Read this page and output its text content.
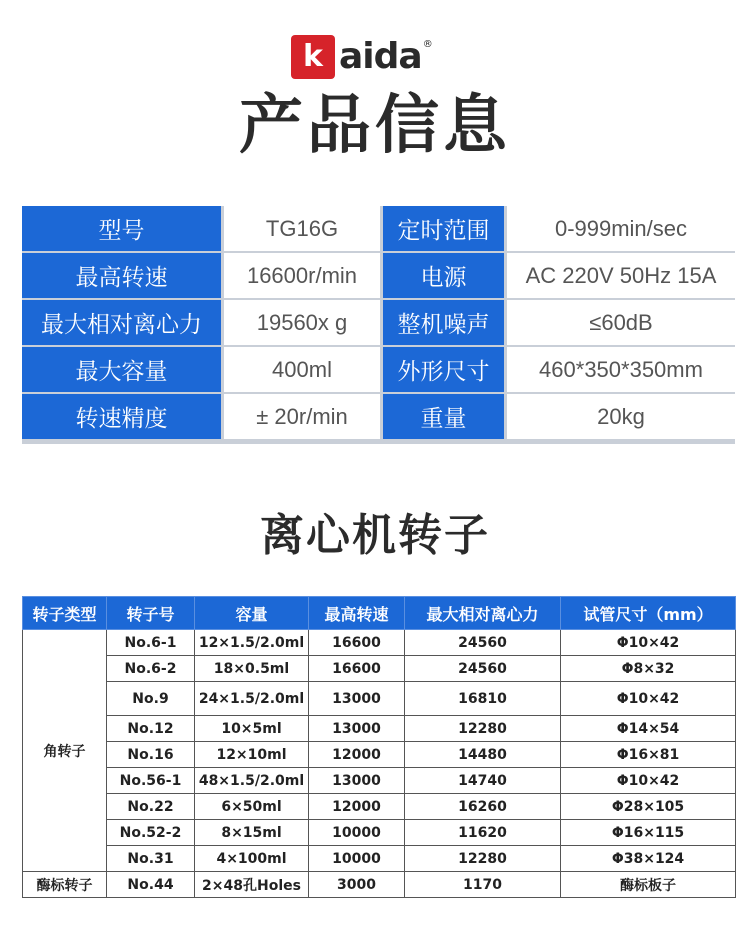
k aida ®
产品信息
型号	TG16G	定时范围	0-999min/sec
最高转速	16600r/min	电源	AC 220V 50Hz 15A
最大相对离心力	19560x g	整机噪声	≤60dB
最大容量	400ml	外形尺寸	460*350*350mm
转速精度	± 20r/min	重量	20kg
离心机转子
转子类型	转子号	容量	最高转速	最大相对离心力	试管尺寸（mm）
角转子	No.6-1	12×1.5/2.0ml	16600	24560	Φ10×42
	No.6-2	18×0.5ml	16600	24560	Φ8×32
	No.9	24×1.5/2.0ml	13000	16810	Φ10×42
	No.12	10×5ml	13000	12280	Φ14×54
	No.16	12×10ml	12000	14480	Φ16×81
	No.56-1	48×1.5/2.0ml	13000	14740	Φ10×42
	No.22	6×50ml	12000	16260	Φ28×105
	No.52-2	8×15ml	10000	11620	Φ16×115
	No.31	4×100ml	10000	12280	Φ38×124
酶标转子	No.44	2×48孔Holes	3000	1170	酶标板子
